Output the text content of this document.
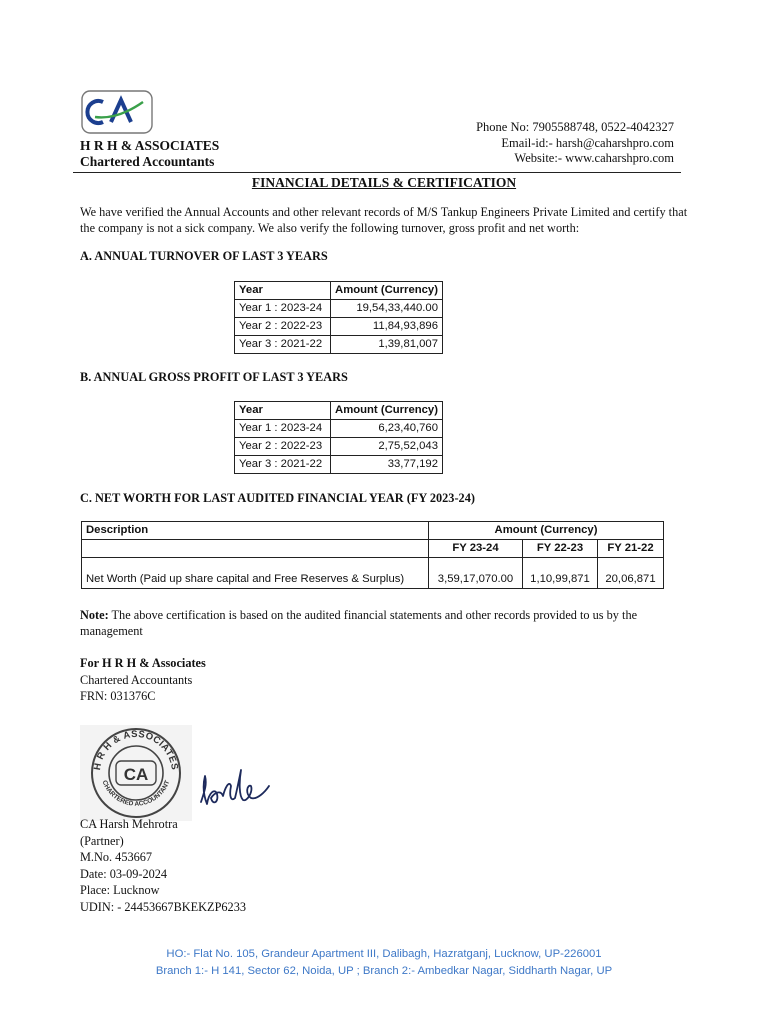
H R H & ASSOCIATES
Chartered Accountants
Phone No: 7905588748, 0522-4042327
Email-id:- harsh@caharshpro.com
Website:- www.caharshpro.com
FINANCIAL DETAILS & CERTIFICATION
We have verified the Annual Accounts and other relevant records of M/S Tankup Engineers Private Limited and certify that the company is not a sick company. We also verify the following turnover, gross profit and net worth:
A. ANNUAL TURNOVER OF LAST 3 YEARS
Year	Amount (Currency)
Year 1 : 2023-24	19,54,33,440.00
Year 2 : 2022-23	11,84,93,896
Year 3 : 2021-22	1,39,81,007
B. ANNUAL GROSS PROFIT OF LAST 3 YEARS
Year	Amount (Currency)
Year 1 : 2023-24	6,23,40,760
Year 2 : 2022-23	2,75,52,043
Year 3 : 2021-22	33,77,192
C. NET WORTH FOR LAST AUDITED FINANCIAL YEAR (FY 2023-24)
Description	Amount (Currency)		
	FY 23-24	FY 22-23	FY 21-22
Net Worth (Paid up share capital and Free Reserves & Surplus)	3,59,17,070.00	1,10,99,871	20,06,871
Note: The above certification is based on the audited financial statements and other records provided to us by the management
For H R H & Associates
Chartered Accountants
FRN: 031376C
H R H & ASSOCIATES
CHARTERED ACCOUNTANT
CA
CA Harsh Mehrotra
(Partner)
M.No. 453667
Date: 03-09-2024
Place: Lucknow
UDIN: - 24453667BKEKZP6233
HO:- Flat No. 105, Grandeur Apartment III, Dalibagh, Hazratganj, Lucknow, UP-226001
Branch 1:- H 141, Sector 62, Noida, UP ; Branch 2:- Ambedkar Nagar, Siddharth Nagar, UP
